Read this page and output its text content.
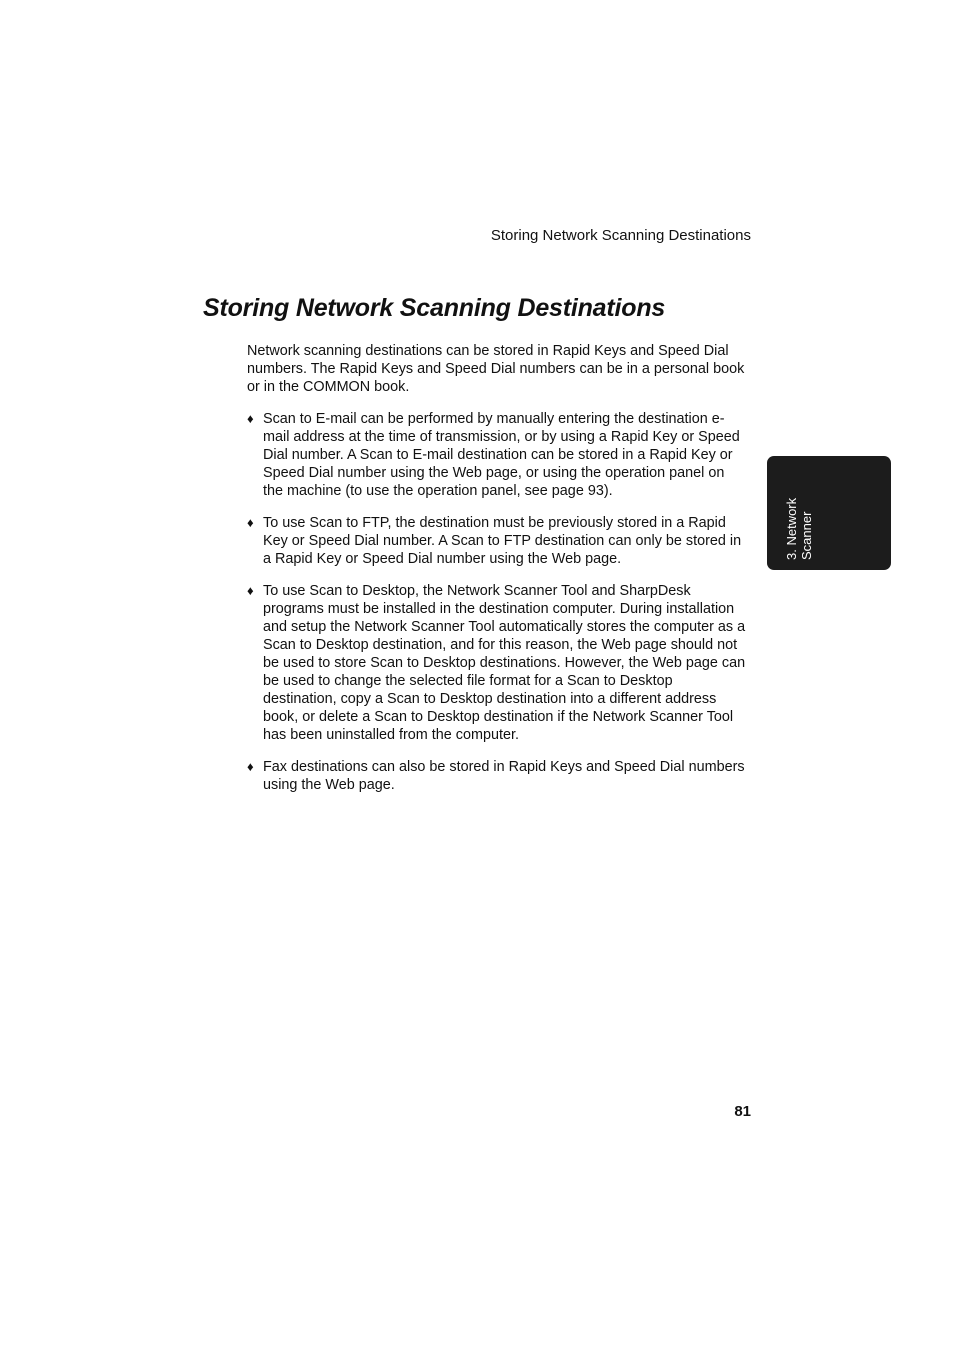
Storing Network Scanning Destinations
Storing Network Scanning Destinations

Network scanning destinations can be stored in Rapid Keys and Speed Dial numbers. The Rapid Keys and Speed Dial numbers can be in a personal book or in the COMMON book.

♦ Scan to E-mail can be performed by manually entering the destination e-mail address at the time of transmission, or by using a Rapid Key or Speed Dial number. A Scan to E-mail destination can be stored in a Rapid Key or Speed Dial number using the Web page, or using the operation panel on the machine (to use the operation panel, see page 93).
♦ To use Scan to FTP, the destination must be previously stored in a Rapid Key or Speed Dial number. A Scan to FTP destination can only be stored in a Rapid Key or Speed Dial number using the Web page.
♦ To use Scan to Desktop, the Network Scanner Tool and SharpDesk programs must be installed in the destination computer. During installation and setup the Network Scanner Tool automatically stores the computer as a Scan to Desktop destination, and for this reason, the Web page should not be used to store Scan to Desktop destinations. However, the Web page can be used to change the selected file format for a Scan to Desktop destination, copy a Scan to Desktop destination into a different address book, or delete a Scan to Desktop destination if the Network Scanner Tool has been uninstalled from the computer.
♦ Fax destinations can also be stored in Rapid Keys and Speed Dial numbers using the Web page.
3. Network Scanner
81
